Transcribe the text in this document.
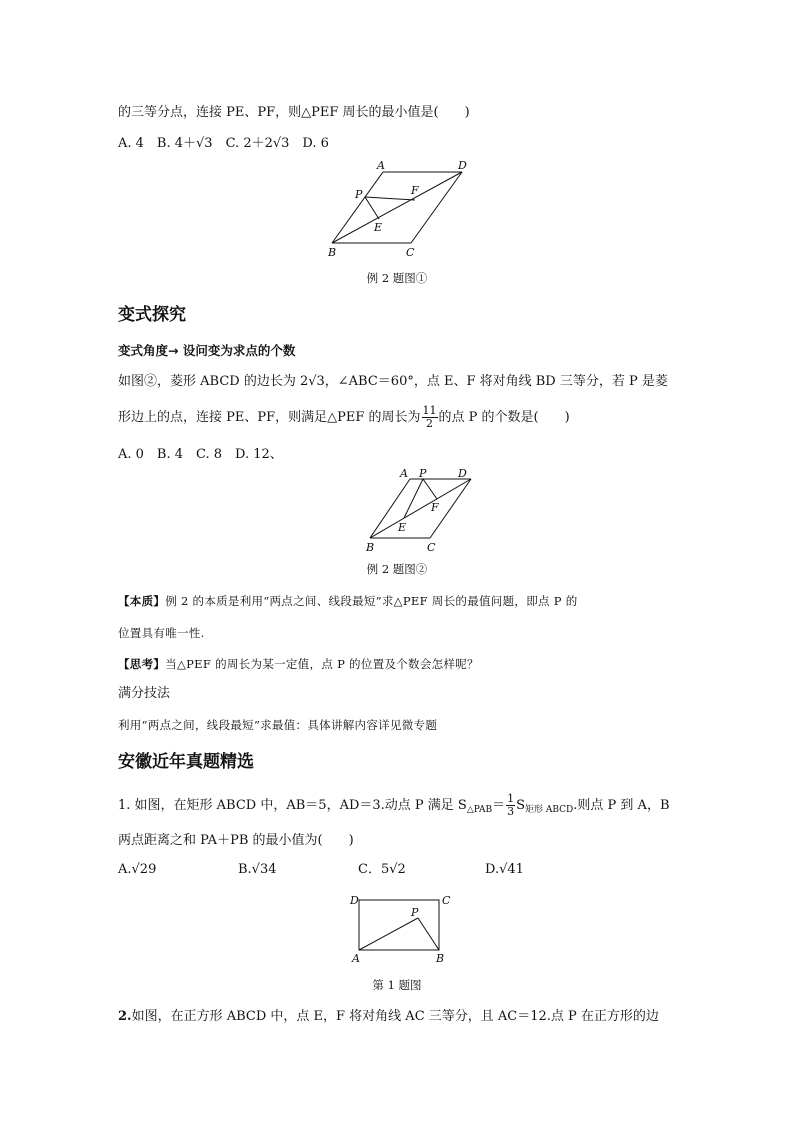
的三等分点，连接 PE、PF，则△PEF 周长的最小值是(　　)
A. 4　B. 4＋√3　C. 2＋2√3　D. 6
A	D
P	F
E
B	C
例 2 题图①
变式探究
变式角度→ 设问变为求点的个数
如图②，菱形 ABCD 的边长为 2√3，∠ABC＝60°，点 E、F 将对角线 BD 三等分，若 P 是菱
形边上的点，连接 PE、PF，则满足△PEF 的周长为 $\frac{11}{2}$ 的点 P 的个数是(　　)
A. 0　B. 4　C. 8　D. 12、
A P	D
F
E
B	C
例 2 题图②
【本质】例 2 的本质是利用“两点之间、线段最短”求△PEF 周长的最值问题，即点 P 的
位置具有唯一性.
【思考】当△PEF 的周长为某一定值，点 P 的位置及个数会怎样呢？
满分技法
利用“两点之间，线段最短”求最值：具体讲解内容详见微专题
安徽近年真题精选
1. 如图，在矩形 ABCD 中，AB＝5，AD＝3.动点 P 满足 $S_{\triangle PAB}= \frac{1}{3} S_{矩形 ABCD}$.则点 P 到 A，B
两点距离之和 PA＋PB 的最小值为(　　)
A.√29	B.√34	C．5√2	D.√41
D	C
P
A	B
第 1 题图
2.如图，在正方形 ABCD 中，点 E，F 将对角线 AC 三等分，且 AC＝12.点 P 在正方形的边
